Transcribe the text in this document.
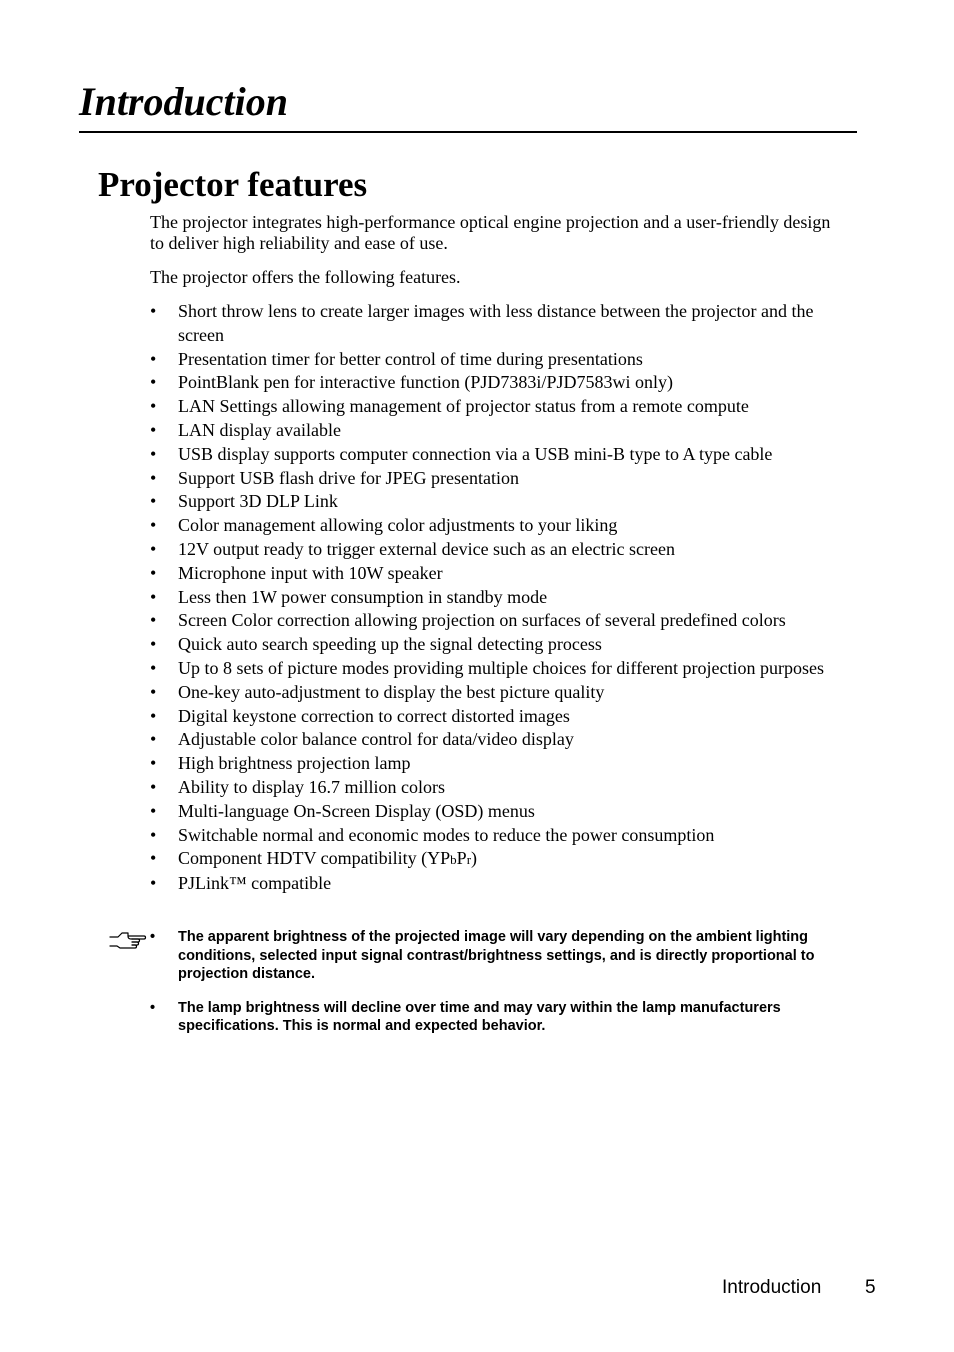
Introduction
Projector features

The projector integrates high-performance optical engine projection and a user-friendly design to deliver high reliability and ease of use.

The projector offers the following features.

• Short throw lens to create larger images with less distance between the projector and the screen
• Presentation timer for better control of time during presentations
• PointBlank pen for interactive function (PJD7383i/PJD7583wi only)
• LAN Settings allowing management of projector status from a remote compute
• LAN display available
• USB display supports computer connection via a USB mini-B type to A type cable
• Support USB flash drive for JPEG presentation
• Support 3D DLP Link
• Color management allowing color adjustments to your liking
• 12V output ready to trigger external device such as an electric screen
• Microphone input with 10W speaker
• Less then 1W power consumption in standby mode
• Screen Color correction allowing projection on surfaces of several predefined colors
• Quick auto search speeding up the signal detecting process
• Up to 8 sets of picture modes providing multiple choices for different projection purposes
• One-key auto-adjustment to display the best picture quality
• Digital keystone correction to correct distorted images
• Adjustable color balance control for data/video display
• High brightness projection lamp
• Ability to display 16.7 million colors
• Multi-language On-Screen Display (OSD) menus
• Switchable normal and economic modes to reduce the power consumption
• Component HDTV compatibility (YPbPr)
• PJLink™ compatible
• The apparent brightness of the projected image will vary depending on the ambient lighting conditions, selected input signal contrast/brightness settings, and is directly proportional to projection distance.
• The lamp brightness will decline over time and may vary within the lamp manufacturers specifications. This is normal and expected behavior.
Introduction 5
